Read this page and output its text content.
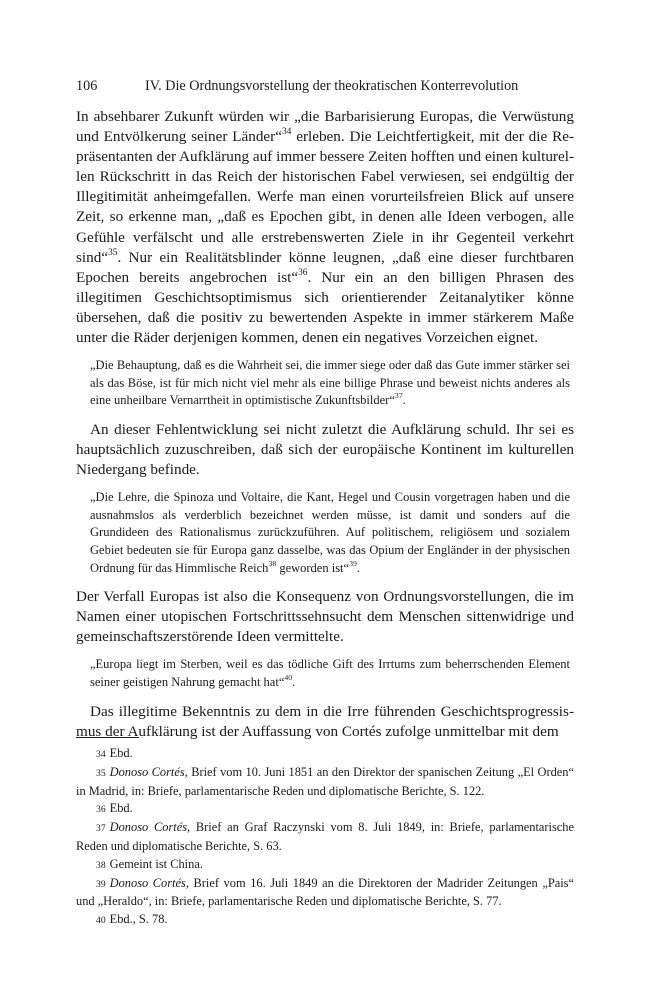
106	IV. Die Ordnungsvorstellung der theokratischen Konterrevolution

In absehbarer Zukunft würden wir „die Barbarisierung Europas, die Verwüstung und Entvölkerung seiner Länder“$^{34}$ erleben. Die Leichtfertigkeit, mit der die Repräsentanten der Aufklärung auf immer bessere Zeiten hofften und einen kulturellen Rückschritt in das Reich der historischen Fabel verwiesen, sei endgültig der Illegitimität anheimgefallen. Werfe man einen vorurteilsfreien Blick auf unsere Zeit, so erkenne man, „daß es Epochen gibt, in denen alle Ideen verbogen, alle Gefühle verfälscht und alle erstrebenswerten Ziele in ihr Gegenteil verkehrt sind“$^{35}$. Nur ein Realitätsblinder könne leugnen, „daß eine dieser furchtbaren Epochen bereits angebrochen ist“$^{36}$. Nur ein an den billigen Phrasen des illegitimen Geschichtsoptimismus sich orientierender Zeitanalytiker könne übersehen, daß die positiv zu bewertenden Aspekte in immer stärkerem Maße unter die Räder derjenigen kommen, denen ein negatives Vorzeichen eignet.

„Die Behauptung, daß es die Wahrheit sei, die immer siege oder daß das Gute immer stärker sei als das Böse, ist für mich nicht viel mehr als eine billige Phrase und beweist nichts anderes als eine unheilbare Vernarrtheit in optimistische Zukunftsbilder“$^{37}$.

An dieser Fehlentwicklung sei nicht zuletzt die Aufklärung schuld. Ihr sei es hauptsächlich zuzuschreiben, daß sich der europäische Kontinent im kulturellen Niedergang befinde.

„Die Lehre, die Spinoza und Voltaire, die Kant, Hegel und Cousin vorgetragen haben und die ausnahmslos als verderblich bezeichnet werden müsse, ist damit und sonders auf die Grundideen des Rationalismus zurückzuführen. Auf politischem, religiösem und sozialem Gebiet bedeuten sie für Europa ganz dasselbe, was das Opium der Engländer in der physischen Ordnung für das Himmlische Reich$^{38}$ geworden ist“$^{39}$.

Der Verfall Europas ist also die Konsequenz von Ordnungsvorstellungen, die im Namen einer utopischen Fortschrittssehnsucht dem Menschen sittenwidrige und gemeinschaftszerstörende Ideen vermittelte.

„Europa liegt im Sterben, weil es das tödliche Gift des Irrtums zum beherrschenden Element seiner geistigen Nahrung gemacht hat“$^{40}$.

Das illegitime Bekenntnis zu dem in die Irre führenden Geschichtsprogressismus der Aufklärung ist der Auffassung von Cortés zufolge unmittelbar mit dem

34 Ebd.

35 Donoso Cortés, Brief vom 10. Juni 1851 an den Direktor der spanischen Zeitung „El Orden“ in Madrid, in: Briefe, parlamentarische Reden und diplomatische Berichte, S. 122.

36 Ebd.

37 Donoso Cortés, Brief an Graf Raczynski vom 8. Juli 1849, in: Briefe, parlamentarische Reden und diplomatische Berichte, S. 63.

38 Gemeint ist China.

39 Donoso Cortés, Brief vom 16. Juli 1849 an die Direktoren der Madrider Zeitungen „Pais“ und „Heraldo“, in: Briefe, parlamentarische Reden und diplomatische Berichte, S. 77.

40 Ebd., S. 78.
